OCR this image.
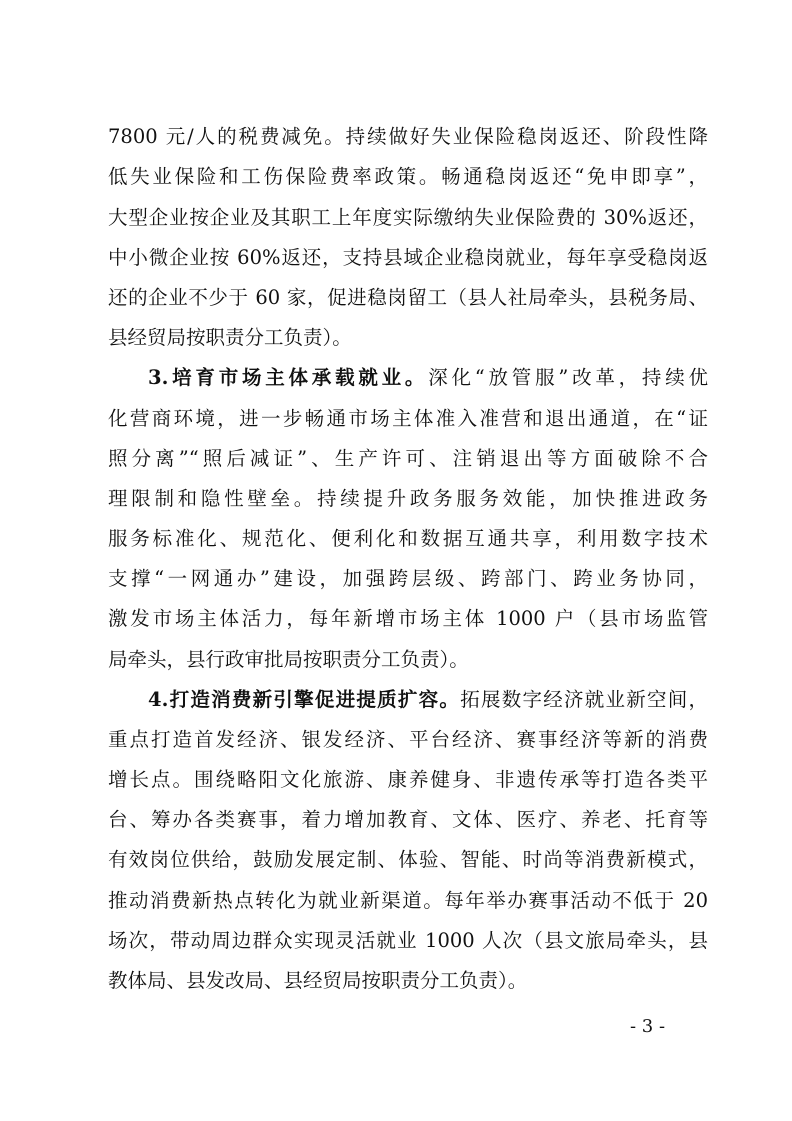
7800 元/人的税费减免。持续做好失业保险稳岗返还、阶段性降
低失业保险和工伤保险费率政策。畅通稳岗返还“免申即享”，
大型企业按企业及其职工上年度实际缴纳失业保险费的 30%返还，
中小微企业按 60%返还，支持县域企业稳岗就业，每年享受稳岗返
还的企业不少于 60 家，促进稳岗留工（县人社局牵头，县税务局、
县经贸局按职责分工负责）。
3.培育市场主体承载就业。深化“放管服”改革，持续优
化营商环境，进一步畅通市场主体准入准营和退出通道，在“证
照分离”“照后减证”、生产许可、注销退出等方面破除不合
理限制和隐性壁垒。持续提升政务服务效能，加快推进政务
服务标准化、规范化、便利化和数据互通共享，利用数字技术
支撑“一网通办”建设，加强跨层级、跨部门、跨业务协同，
激发市场主体活力，每年新增市场主体 1000 户（县市场监管
局牵头，县行政审批局按职责分工负责）。
4.打造消费新引擎促进提质扩容。拓展数字经济就业新空间，
重点打造首发经济、银发经济、平台经济、赛事经济等新的消费
增长点。围绕略阳文化旅游、康养健身、非遗传承等打造各类平
台、筹办各类赛事，着力增加教育、文体、医疗、养老、托育等
有效岗位供给，鼓励发展定制、体验、智能、时尚等消费新模式，
推动消费新热点转化为就业新渠道。每年举办赛事活动不低于 20
场次，带动周边群众实现灵活就业 1000 人次（县文旅局牵头，县
教体局、县发改局、县经贸局按职责分工负责）。
- 3 -
